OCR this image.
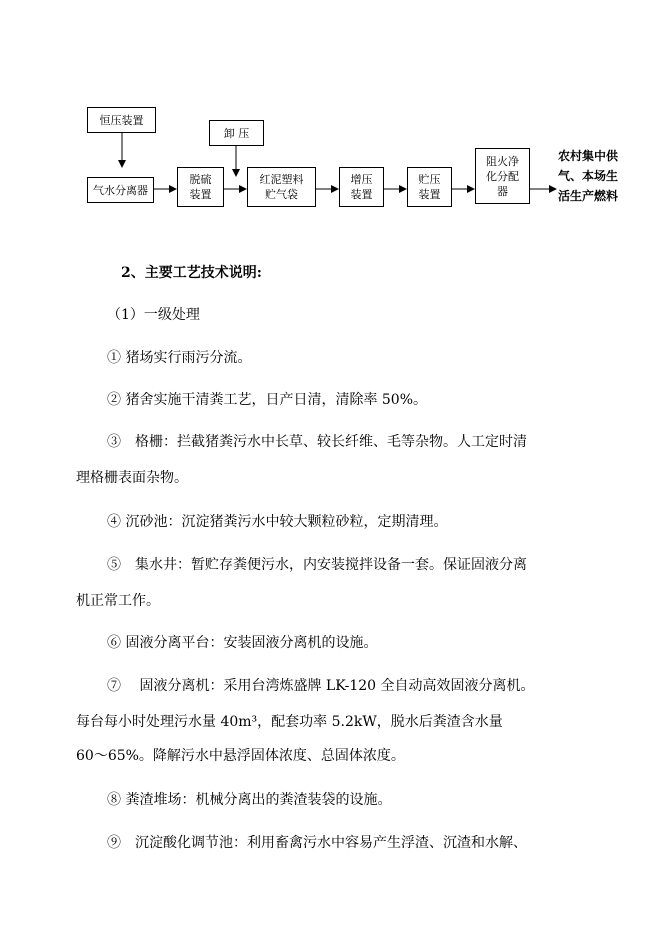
恒压装置
卸 压
气水分离器
脱硫
装置
红泥塑料
贮气袋
增压
装置
贮压
装置
阻火净
化分配
器
农村集中供
气、本场生
活生产燃料
2、主要工艺技术说明:
（1）一级处理
① 猪场实行雨污分流。
② 猪舍实施干清粪工艺，日产日清，清除率 50%。
③　格栅：拦截猪粪污水中长草、较长纤维、毛等杂物。人工定时清
理格栅表面杂物。
④ 沉砂池：沉淀猪粪污水中较大颗粒砂粒，定期清理。
⑤　集水井：暂贮存粪便污水，内安装搅拌设备一套。保证固液分离
机正常工作。
⑥ 固液分离平台：安装固液分离机的设施。
⑦　 固液分离机：采用台湾炼盛牌 LK-120 全自动高效固液分离机。
每台每小时处理污水量 40m³，配套功率 5.2kW，脱水后粪渣含水量
60～65%。降解污水中悬浮固体浓度、总固体浓度。
⑧ 粪渣堆场：机械分离出的粪渣装袋的设施。
⑨　沉淀酸化调节池：利用畜禽污水中容易产生浮渣、沉渣和水解、
